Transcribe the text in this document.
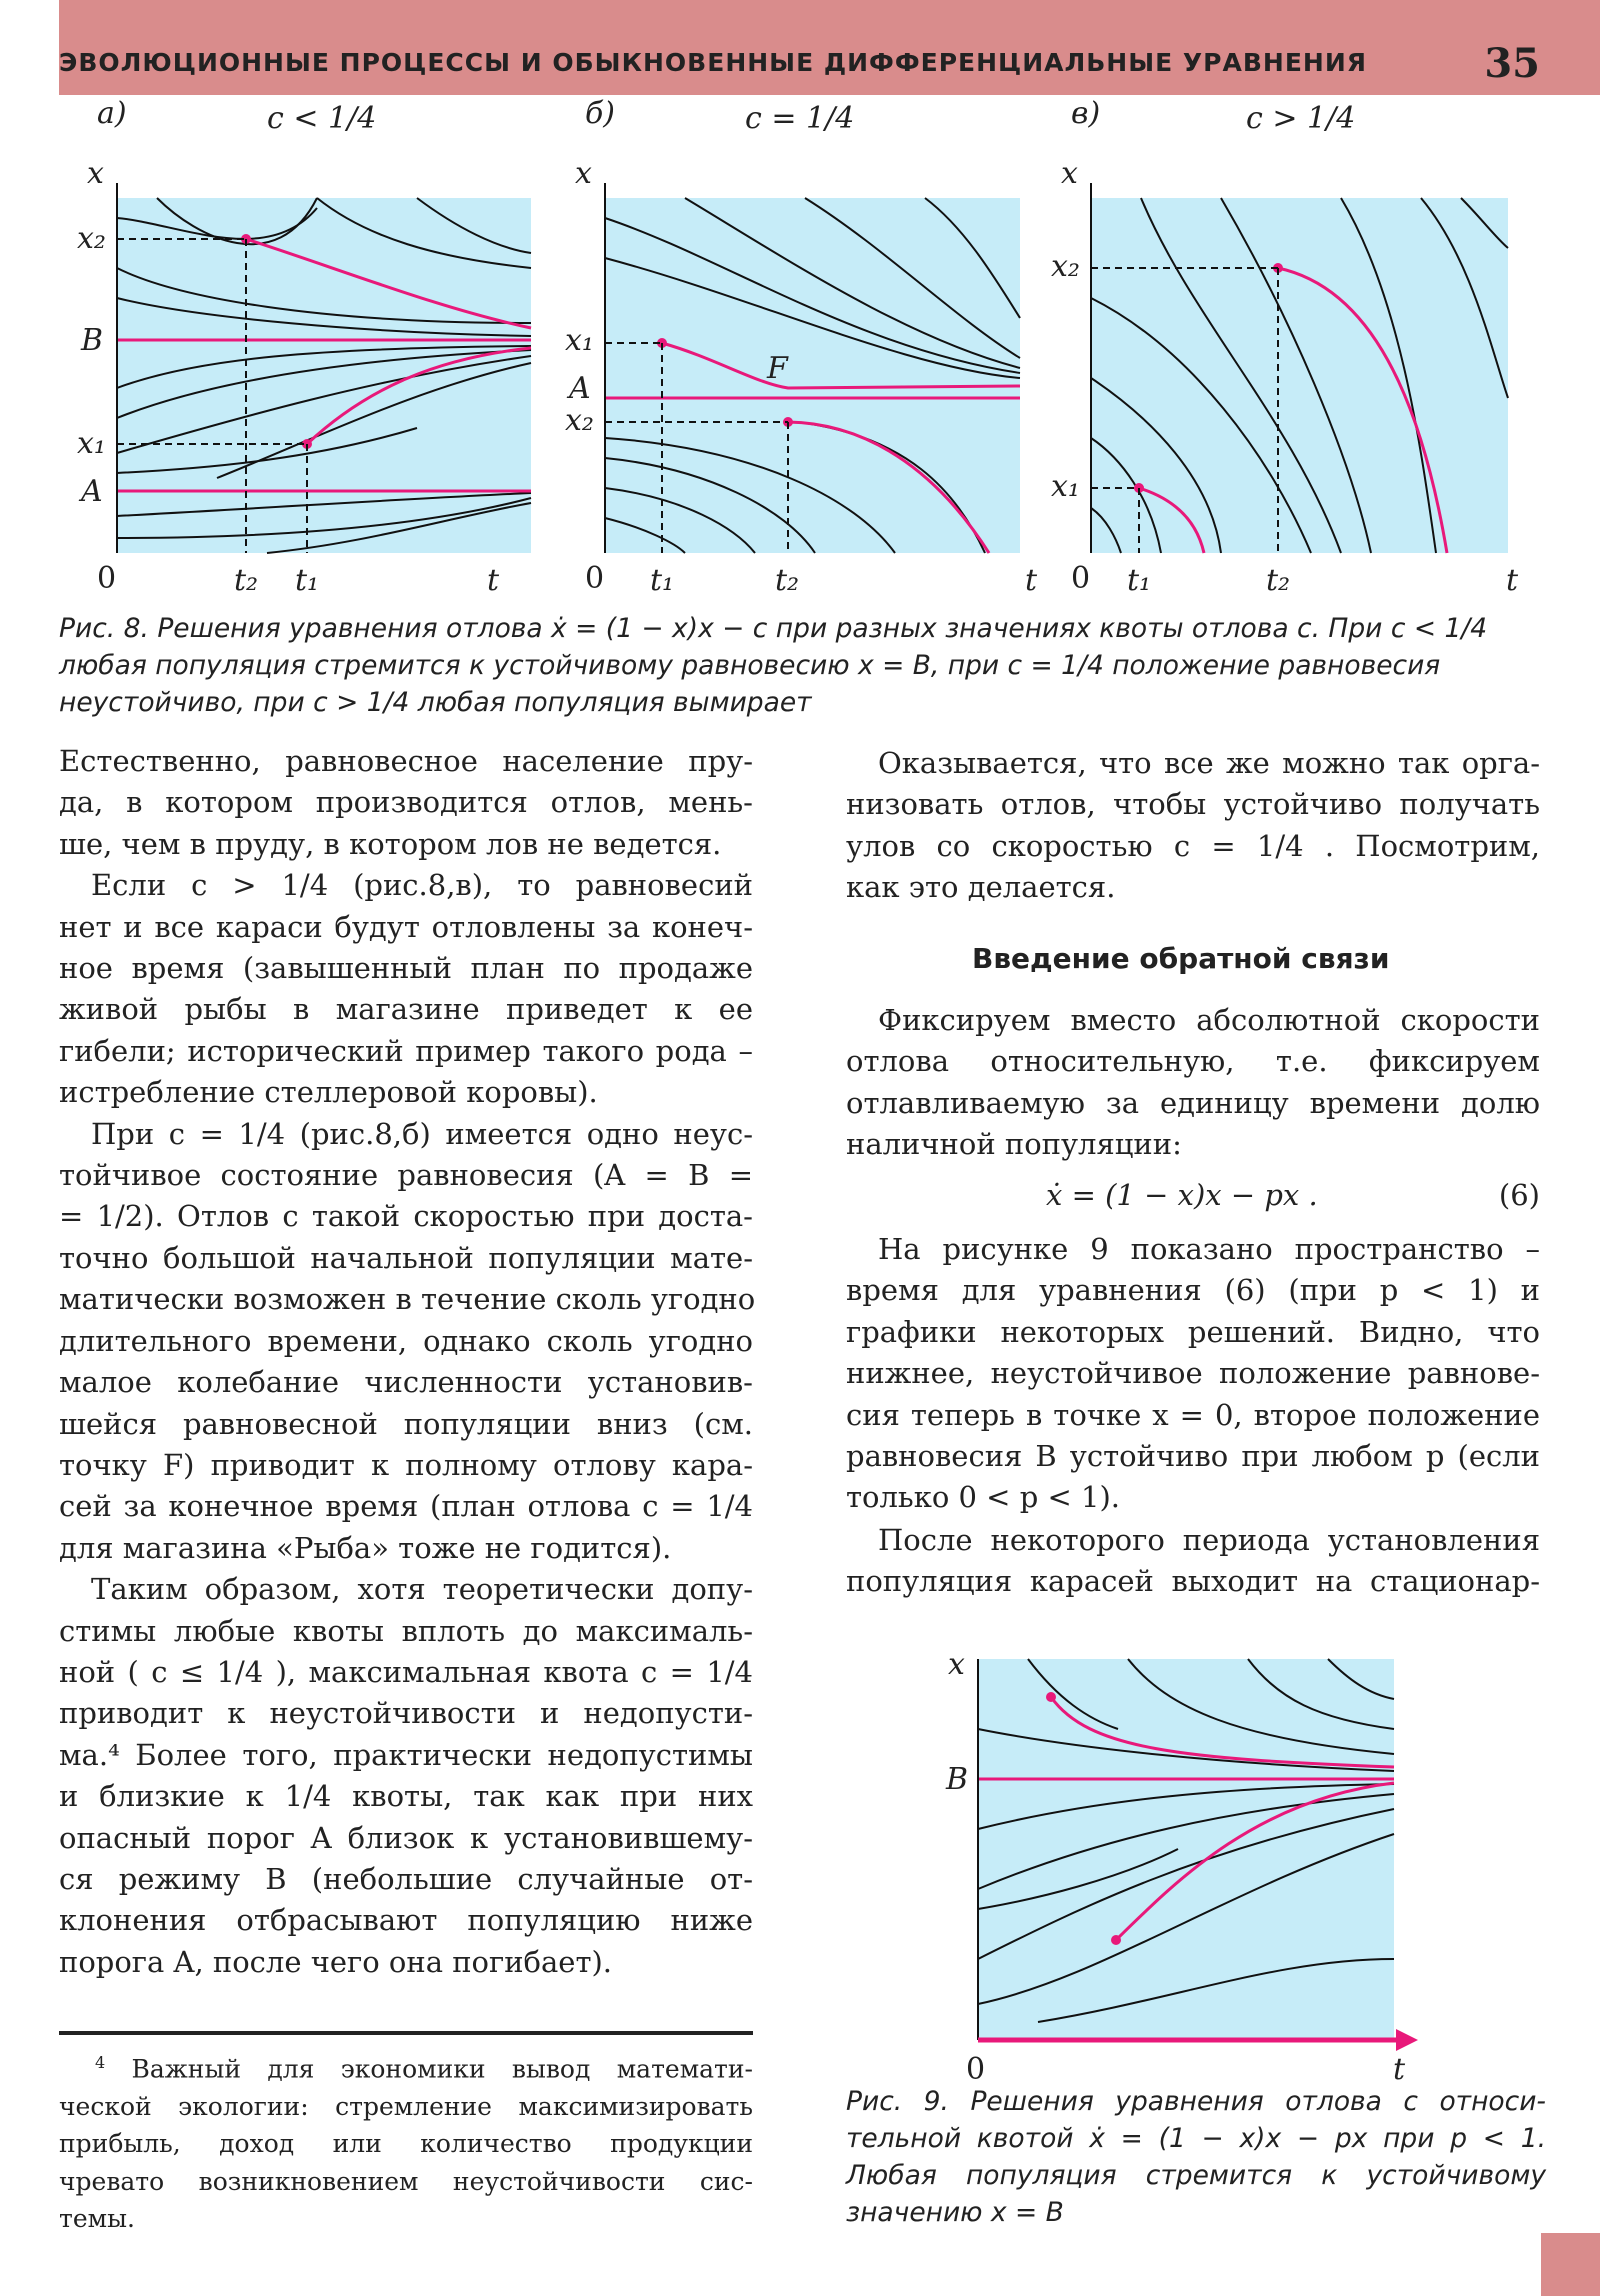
ЭВОЛЮЦИОННЫЕ ПРОЦЕССЫ И ОБЫКНОВЕННЫЕ ДИФФЕРЕНЦИАЛЬНЫЕ УРАВНЕНИЯ	35
а)	c < 1/4
x
x₂
B
x₁
A
0	t₂ t₁	t
б)	c = 1/4
x
x₁
A
x₂
F
0 t₁	t₂	t
в)	c > 1/4
x
x₂
x₁
0 t₁	t₂	t
Рис. 8. Решения уравнения отлова ẋ = (1 − x)x − c при разных значениях квоты отлова c. При c < 1/4
любая популяция стремится к устойчивому равновесию x = B, при c = 1/4 положение равновесия
неустойчиво, при c > 1/4 любая популяция вымирает
Естественно, равновесное население пру-
да, в котором производится отлов, мень-
ше, чем в пруду, в котором лов не ведется.
Если c > 1/4 (рис.8,в), то равновесий
нет и все караси будут отловлены за конеч-
ное время (завышенный план по продаже
живой рыбы в магазине приведет к ее
гибели; исторический пример такого рода –
истребление стеллеровой коровы).
При c = 1/4 (рис.8,б) имеется одно неус-
тойчивое состояние равновесия (A = B =
= 1/2). Отлов с такой скоростью при доста-
точно большой начальной популяции мате-
матически возможен в течение сколь угодно
длительного времени, однако сколь угодно
малое колебание численности установив-
шейся равновесной популяции вниз (см.
точку F) приводит к полному отлову кара-
сей за конечное время (план отлова c = 1/4
для магазина «Рыба» тоже не годится).
Таким образом, хотя теоретически допу-
стимы любые квоты вплоть до максималь-
ной ( c ≤ 1/4 ), максимальная квота c = 1/4
приводит к неустойчивости и недопусти-
ма.⁴ Более того, практически недопустимы
и близкие к 1/4 квоты, так как при них
опасный порог A близок к установившему-
ся режиму B (небольшие случайные от-
клонения отбрасывают популяцию ниже
порога A, после чего она погибает).
Оказывается, что все же можно так орга-
низовать отлов, чтобы устойчиво получать
улов со скоростью c = 1/4 . Посмотрим,
как это делается.
Введение обратной связи
Фиксируем вместо абсолютной скорости
отлова относительную, т.е. фиксируем
отлавливаемую за единицу времени долю
наличной популяции:
ẋ = (1 − x)x − px .	(6)
На рисунке 9 показано пространство –
время для уравнения (6) (при p < 1) и
графики некоторых решений. Видно, что
нижнее, неустойчивое положение равнове-
сия теперь в точке x = 0, второе положение
равновесия B устойчиво при любом p (если
только 0 < p < 1).
После некоторого периода установления
популяция карасей выходит на стационар-
x
B
0	t
Рис. 9. Решения уравнения отлова с относи-
тельной квотой ẋ = (1 − x)x − px при p < 1.
Любая популяция стремится к устойчивому
значению x = B
$^4$ Важный для экономики вывод математи-
ческой экологии: стремление максимизировать
прибыль, доход или количество продукции
чревато возникновением неустойчивости сис-
темы.
